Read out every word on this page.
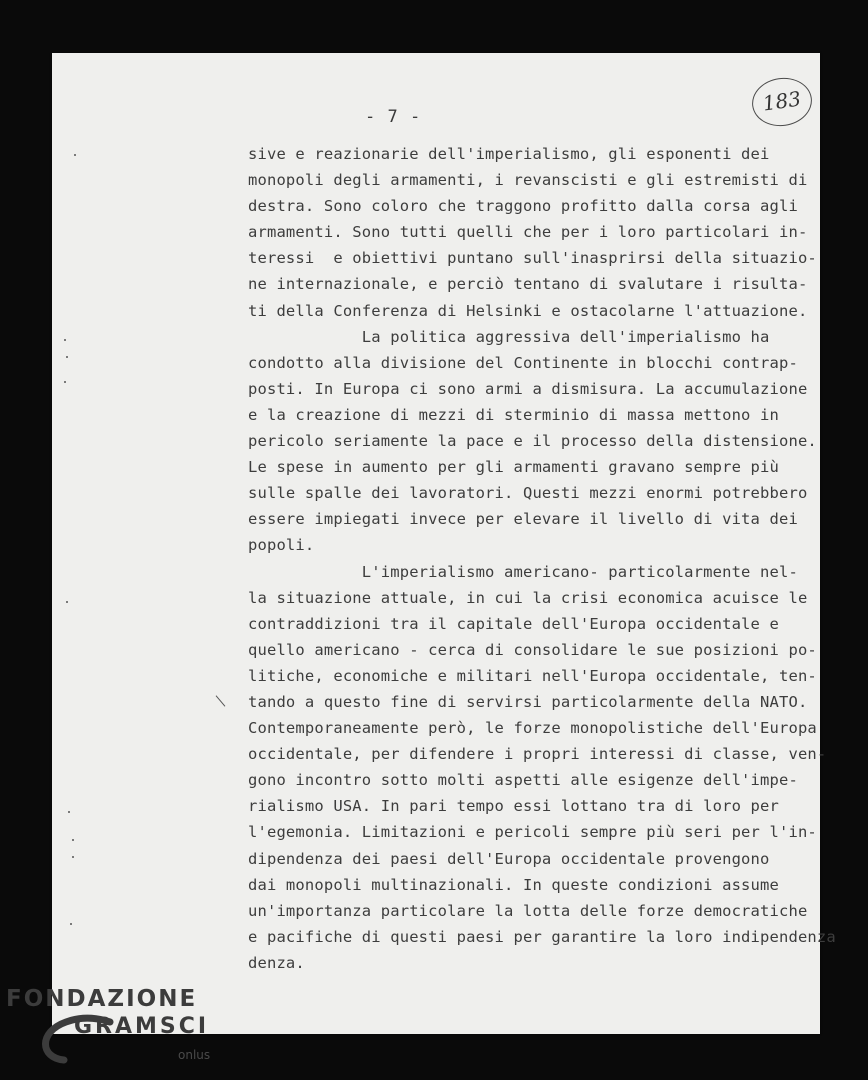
- 7 -
183
sive e reazionarie dell'imperialismo, gli esponenti dei
monopoli degli armamenti, i revanscisti e gli estremisti di
destra. Sono coloro che traggono profitto dalla corsa agli
armamenti. Sono tutti quelli che per i loro particolari in-
teressi  e obiettivi puntano sull'inasprirsi della situazio-
ne internazionale, e perciò tentano di svalutare i risulta-
ti della Conferenza di Helsinki e ostacolarne l'attuazione.
La politica aggressiva dell'imperialismo ha
condotto alla divisione del Continente in blocchi contrap-
posti. In Europa ci sono armi a dismisura. La accumulazione
e la creazione di mezzi di sterminio di massa mettono in
pericolo seriamente la pace e il processo della distensione.
Le spese in aumento per gli armamenti gravano sempre più
sulle spalle dei lavoratori. Questi mezzi enormi potrebbero
essere impiegati invece per elevare il livello di vita dei
popoli.
L'imperialismo americano- particolarmente nel-
la situazione attuale, in cui la crisi economica acuisce le
contraddizioni tra il capitale dell'Europa occidentale e
quello americano - cerca di consolidare le sue posizioni po-
litiche, economiche e militari nell'Europa occidentale, ten-
tando a questo fine di servirsi particolarmente della NATO.
Contemporaneamente però, le forze monopolistiche dell'Europa
occidentale, per difendere i propri interessi di classe, ven-
gono incontro sotto molti aspetti alle esigenze dell'impe-
rialismo USA. In pari tempo essi lottano tra di loro per
l'egemonia. Limitazioni e pericoli sempre più seri per l'in-
dipendenza dei paesi dell'Europa occidentale provengono
dai monopoli multinazionali. In queste condizioni assume
un'importanza particolare la lotta delle forze democratiche
e pacifiche di questi paesi per garantire la loro indipendenza
denza.
FONDAZIONE
GRAMSCI
onlus
